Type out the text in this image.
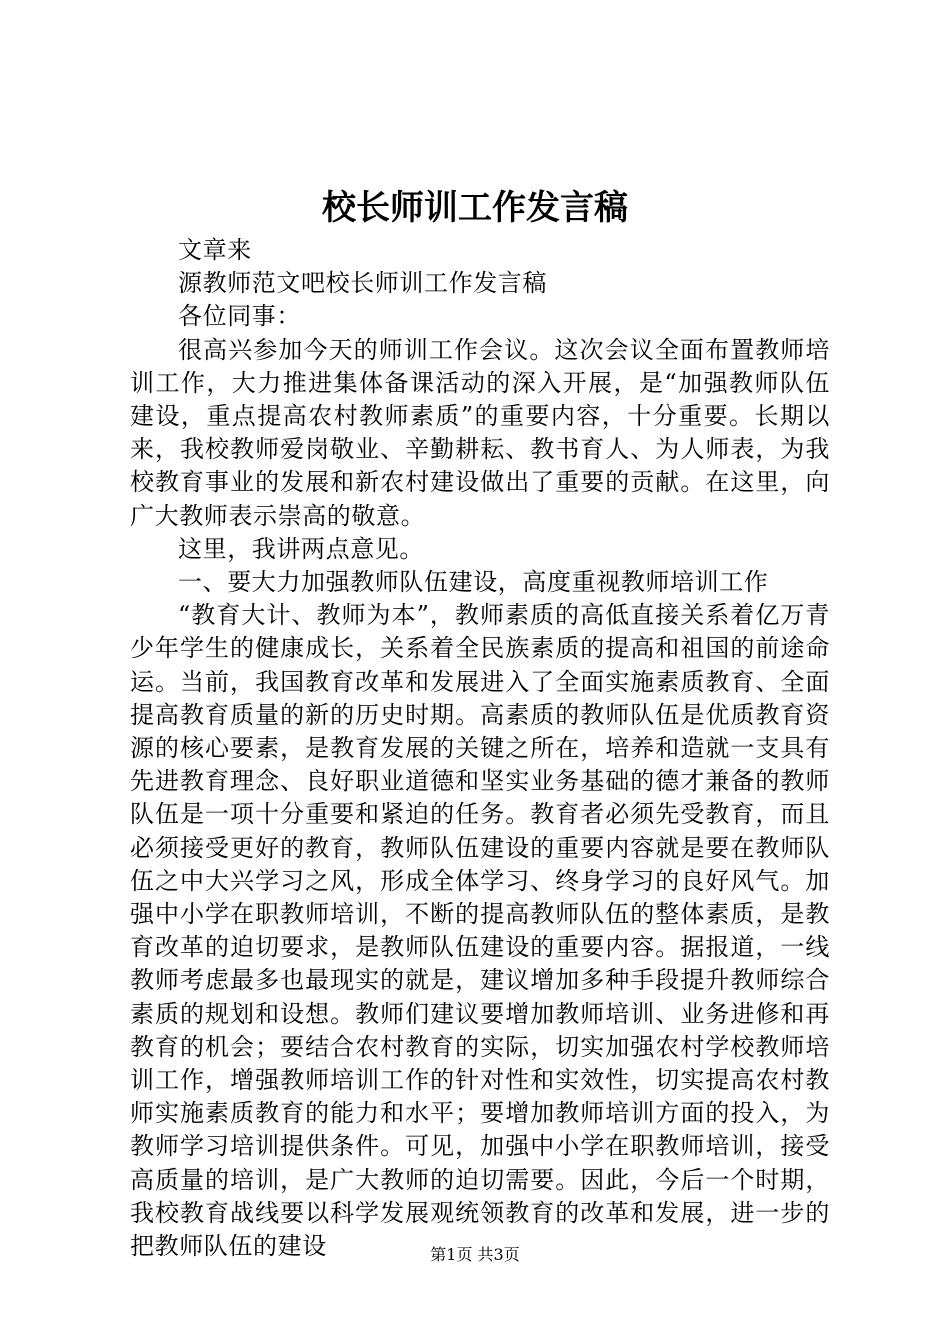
校长师训工作发言稿

文章来

源教师范文吧校长师训工作发言稿

各位同事：

很高兴参加今天的师训工作会议。这次会议全面布置教师培训工作，大力推进集体备课活动的深入开展，是“加强教师队伍建设，重点提高农村教师素质”的重要内容，十分重要。长期以来，我校教师爱岗敬业、辛勤耕耘、教书育人、为人师表，为我校教育事业的发展和新农村建设做出了重要的贡献。在这里，向广大教师表示崇高的敬意。

这里，我讲两点意见。

一、要大力加强教师队伍建设，高度重视教师培训工作

“教育大计、教师为本”，教师素质的高低直接关系着亿万青少年学生的健康成长，关系着全民族素质的提高和祖国的前途命运。当前，我国教育改革和发展进入了全面实施素质教育、全面提高教育质量的新的历史时期。高素质的教师队伍是优质教育资源的核心要素，是教育发展的关键之所在，培养和造就一支具有先进教育理念、良好职业道德和坚实业务基础的德才兼备的教师队伍是一项十分重要和紧迫的任务。教育者必须先受教育，而且必须接受更好的教育，教师队伍建设的重要内容就是要在教师队伍之中大兴学习之风，形成全体学习、终身学习的良好风气。加强中小学在职教师培训，不断的提高教师队伍的整体素质，是教育改革的迫切要求，是教师队伍建设的重要内容。据报道，一线教师考虑最多也最现实的就是，建议增加多种手段提升教师综合素质的规划和设想。教师们建议要增加教师培训、业务进修和再教育的机会；要结合农村教育的实际，切实加强农村学校教师培训工作，增强教师培训工作的针对性和实效性，切实提高农村教师实施素质教育的能力和水平；要增加教师培训方面的投入，为教师学习培训提供条件。可见，加强中小学在职教师培训，接受高质量的培训，是广大教师的迫切需要。因此，今后一个时期，我校教育战线要以科学发展观统领教育的改革和发展，进一步的把教师队伍的建设	第1页 共3页
